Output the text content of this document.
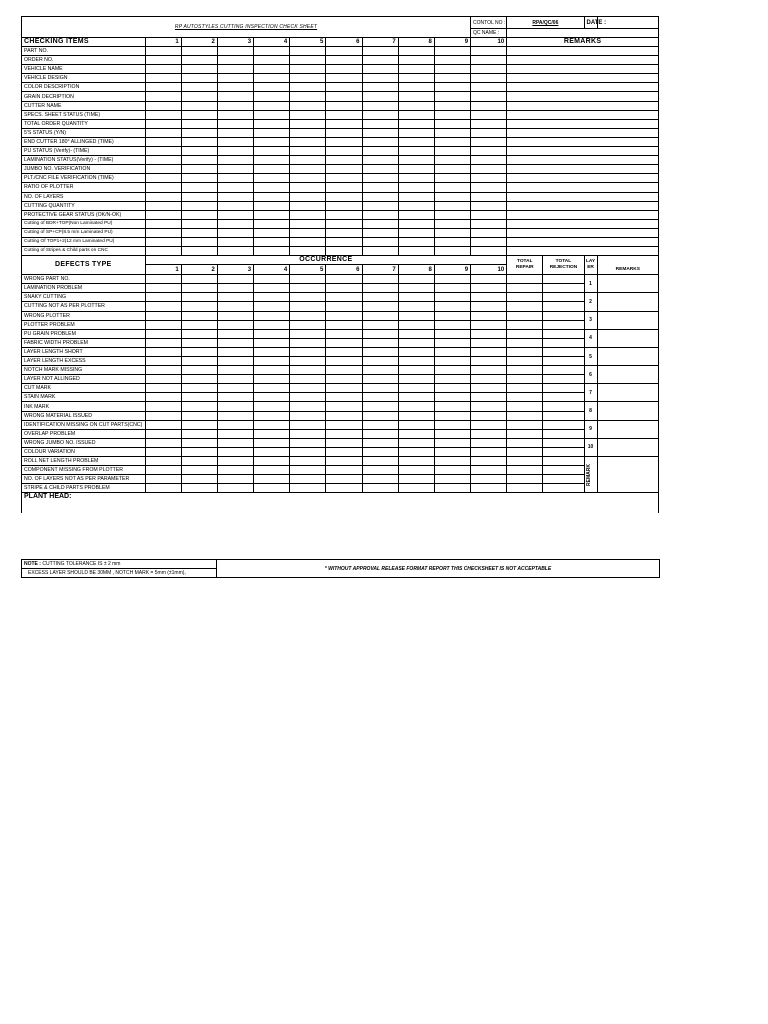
RP AUTOSTYLES CUTTING INSPECTION CHECK SHEET										CONTOL NO :	RPA/QC/06		DATE :	
										QC NAME :				
CHECKING ITEMS	1	2	3	4	5	6	7	8	9	10	REMARKS			
PART NO.														
ORDER NO.														
VEHICLE NAME														
VEHICLE DESIGN														
COLOR DESCRIPTION														
GRAIN DECRIPTION														
CUTTER NAME														
SPECS. SHEET STATUS (TIME)														
TOTAL ORDER QUANTITY														
5'S STATUS (Y/N)														
END CUTTER 180° ALLINGED (TIME)														
PU STATUS (Verify)- (TIME)														
LAMINATION STATUS(Verify) - (TIME)														
JUMBO NO. VERIFICATION														
PLT./CNC FILE VERIFICATION (TIME)														
RATIO OF PLOTTER														
NO. OF LAYERS														
CUTTING QUANTITY														
PROTECTIVE GEAR STATUS (OK/N-OK)														
Cutting of BDR+TOP(Non Laminated PU)														
Cutting of SP+CP(8.5 mm Laminated PU)														
Cutting Of TOP1+2(12 mm Laminated PU)														
Cutting of Stripes & Child parts on CNC														
DEFECTS TYPE	OCCURRENCE										TOTAL REPAIR	TOTAL REJECTION	LAY ER	REMARKS
	1	2	3	4	5	6	7	8	9	10				
WRONG PART NO.													1	
LAMINATION PROBLEM														
SNAKY CUTTING													2	
CUTTING NOT AS PER PLOTTER														
WRONG PLOTTER													3	
PLOTTER PROBLEM														
PU GRAIN PROBLEM													4	
FABRIC WIDTH PROBLEM														
LAYER LENGTH SHORT													5	
LAYER LENGTH EXCESS														
NOTCH MARK MISSING													6	
LAYER NOT ALLINGED														
CUT MARK													7	
STAIN MARK														
INK MARK													8	
WRONG MATERIAL ISSUED														
IDENTIFICATION MISSING ON CUT PARTS(CNC)													9	
OVERLAP PROBLEM														
WRONG JUMBO NO. ISSUED													10	
COLOUR VARIATION														
ROLL NET LENGTH PROBLEM													REMARK	

COMPONENT MISSING FROM PLOTTER														
NO. OF LAYERS NOT AS PER PARAMETER														
STRIPE & CHILD PARTS PROBLEM														
PLANT HEAD:														
NOTE : CUTTING TOLERANCE IS ± 2 mm	* WITHOUT APPROVAL RELEASE FORMAT REPORT THIS CHECKSHEET IS NOT ACCEPTABLE
EXCESS LAYER SHOULD BE 30MM , NOTCH MARK = 5mm (±1mm),
